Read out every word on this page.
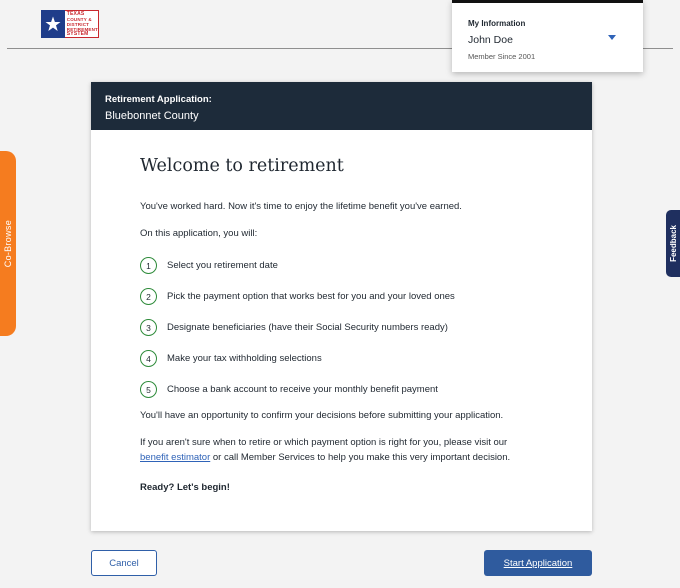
TEXAS
COUNTY &
DISTRICT
RETIREMENT
SYSTEM
My Information
John Doe
Member Since 2001
Co-Browse	Feedback
Retirement Application:
Bluebonnet County
Welcome to retirement
You've worked hard. Now it's time to enjoy the lifetime benefit you've earned.
On this application, you will:
1	Select you retirement date
2	Pick the payment option that works best for you and your loved ones
3	Designate beneficiaries (have their Social Security numbers ready)
4	Make your tax withholding selections
5	Choose a bank account to receive your monthly benefit payment
You'll have an opportunity to confirm your decisions before submitting your application.
If you aren't sure when to retire or which payment option is right for you, please visit our
benefit estimator or call Member Services to help you make this very important decision.
Ready? Let's begin!
Cancel	Start Application
